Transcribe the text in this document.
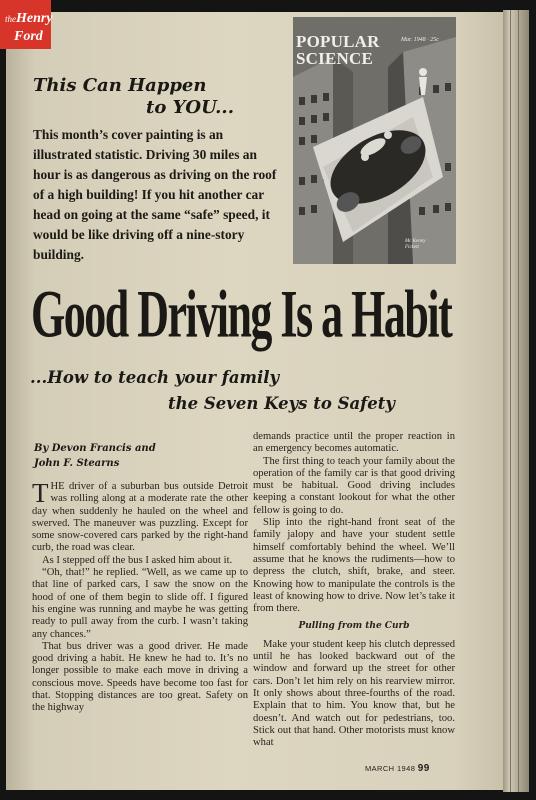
the Henry
Ford	POPULAR
SCIENCE
Mar. 1948 · 25c
Mc Kenny
Fickett
This Can Happen
to YOU...
This month’s cover painting is an illustrated statistic. Driving 30 miles an hour is as dangerous as driving on the roof of a high building! If you hit another car head on going at the same “safe” speed, it would be like driving off a nine-story building.
Good Driving Is a Habit
...How to teach your family
the Seven Keys to Safety
By Devon Francis and
John F. Stearns

THE driver of a suburban bus outside Detroit was rolling along at a moderate rate the other day when suddenly he hauled on the wheel and swerved. The maneuver was puzzling. Except for some snow-covered cars parked by the right-hand curb, the road was clear.

As I stepped off the bus I asked him about it.

“Oh, that!” he replied. “Well, as we came up to that line of parked cars, I saw the snow on the hood of one of them begin to slide off. I figured his engine was running and maybe he was getting ready to pull away from the curb. I wasn’t taking any chances.”

That bus driver was a good driver. He made good driving a habit. He knew he had to. It’s no longer possible to make each move in driving a conscious move. Speeds have become too fast for that. Stopping distances are too great. Safety on the highway

demands practice until the proper reaction in an emergency becomes automatic.

The first thing to teach your family about the operation of the family car is that good driving must be habitual. Good driving includes keeping a constant lookout for what the other fellow is going to do.

Slip into the right-hand front seat of the family jalopy and have your student settle himself comfortably behind the wheel. We’ll assume that he knows the rudiments—how to depress the clutch, shift, brake, and steer. Knowing how to manipulate the controls is the least of knowing how to drive. Now let’s take it from there.

Pulling from the Curb

Make your student keep his clutch depressed until he has looked backward out of the window and forward up the street for other cars. Don’t let him rely on his rearview mirror. It only shows about three-fourths of the road. Explain that to him. You know that, but he doesn’t. And watch out for pedestrians, too. Stick out that hand. Other motorists must know what

MARCH 1948 99
